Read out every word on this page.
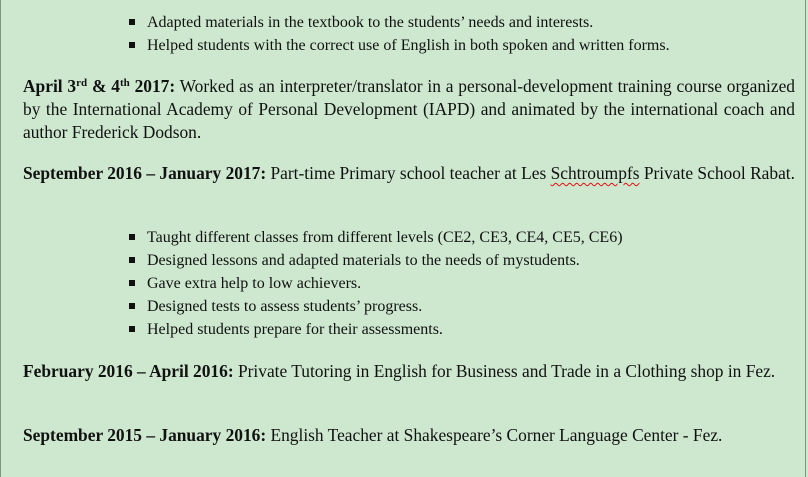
Adapted materials in the textbook to the students’ needs and interests.
Helped students with the correct use of English in both spoken and written forms.
April 3rd & 4th 2017: Worked as an interpreter/translator in a personal-development training course organized by the International Academy of Personal Development (IAPD) and animated by the international coach and author Frederick Dodson.
September 2016 – January 2017: Part-time Primary school teacher at Les Schtroumpfs Private School Rabat.
Taught different classes from different levels (CE2, CE3, CE4, CE5, CE6)
Designed lessons and adapted materials to the needs of mystudents.
Gave extra help to low achievers.
Designed tests to assess students’ progress.
Helped students prepare for their assessments.
February 2016 – April 2016: Private Tutoring in English for Business and Trade in a Clothing shop in Fez.
September 2015 – January 2016: English Teacher at Shakespeare’s Corner Language Center - Fez.
